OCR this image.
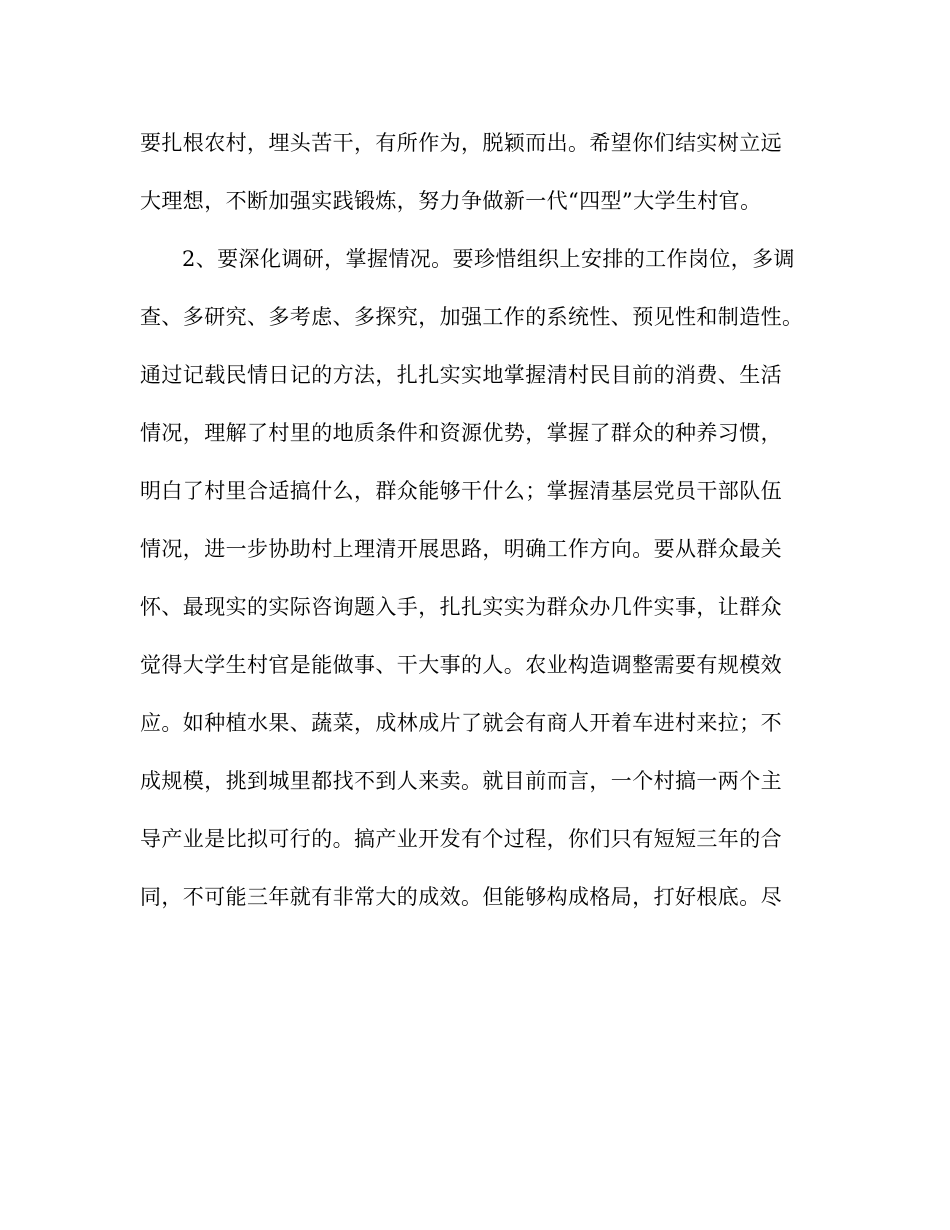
要扎根农村，埋头苦干，有所作为，脱颖而出。希望你们结实树立远
大理想，不断加强实践锻炼，努力争做新一代“四型”大学生村官。
2、要深化调研，掌握情况。要珍惜组织上安排的工作岗位，多调
查、多研究、多考虑、多探究，加强工作的系统性、预见性和制造性。
通过记载民情日记的方法，扎扎实实地掌握清村民目前的消费、生活
情况，理解了村里的地质条件和资源优势，掌握了群众的种养习惯，
明白了村里合适搞什么，群众能够干什么；掌握清基层党员干部队伍
情况，进一步协助村上理清开展思路，明确工作方向。要从群众最关
怀、最现实的实际咨询题入手，扎扎实实为群众办几件实事，让群众
觉得大学生村官是能做事、干大事的人。农业构造调整需要有规模效
应。如种植水果、蔬菜，成林成片了就会有商人开着车进村来拉；不
成规模，挑到城里都找不到人来卖。就目前而言，一个村搞一两个主
导产业是比拟可行的。搞产业开发有个过程，你们只有短短三年的合
同，不可能三年就有非常大的成效。但能够构成格局，打好根底。尽
